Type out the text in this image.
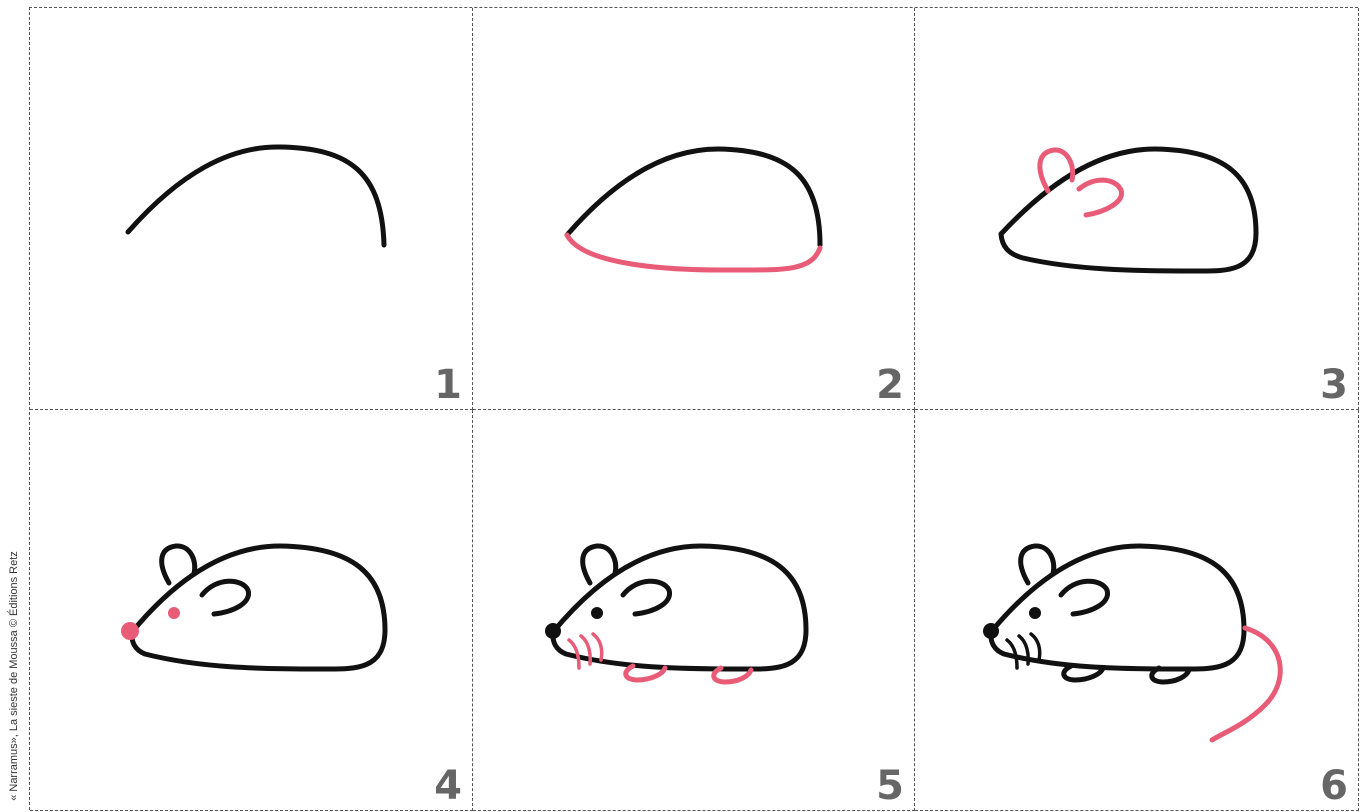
« Narramus», La sieste de Moussa © Éditions Retz
1	2	3
4	5	6
